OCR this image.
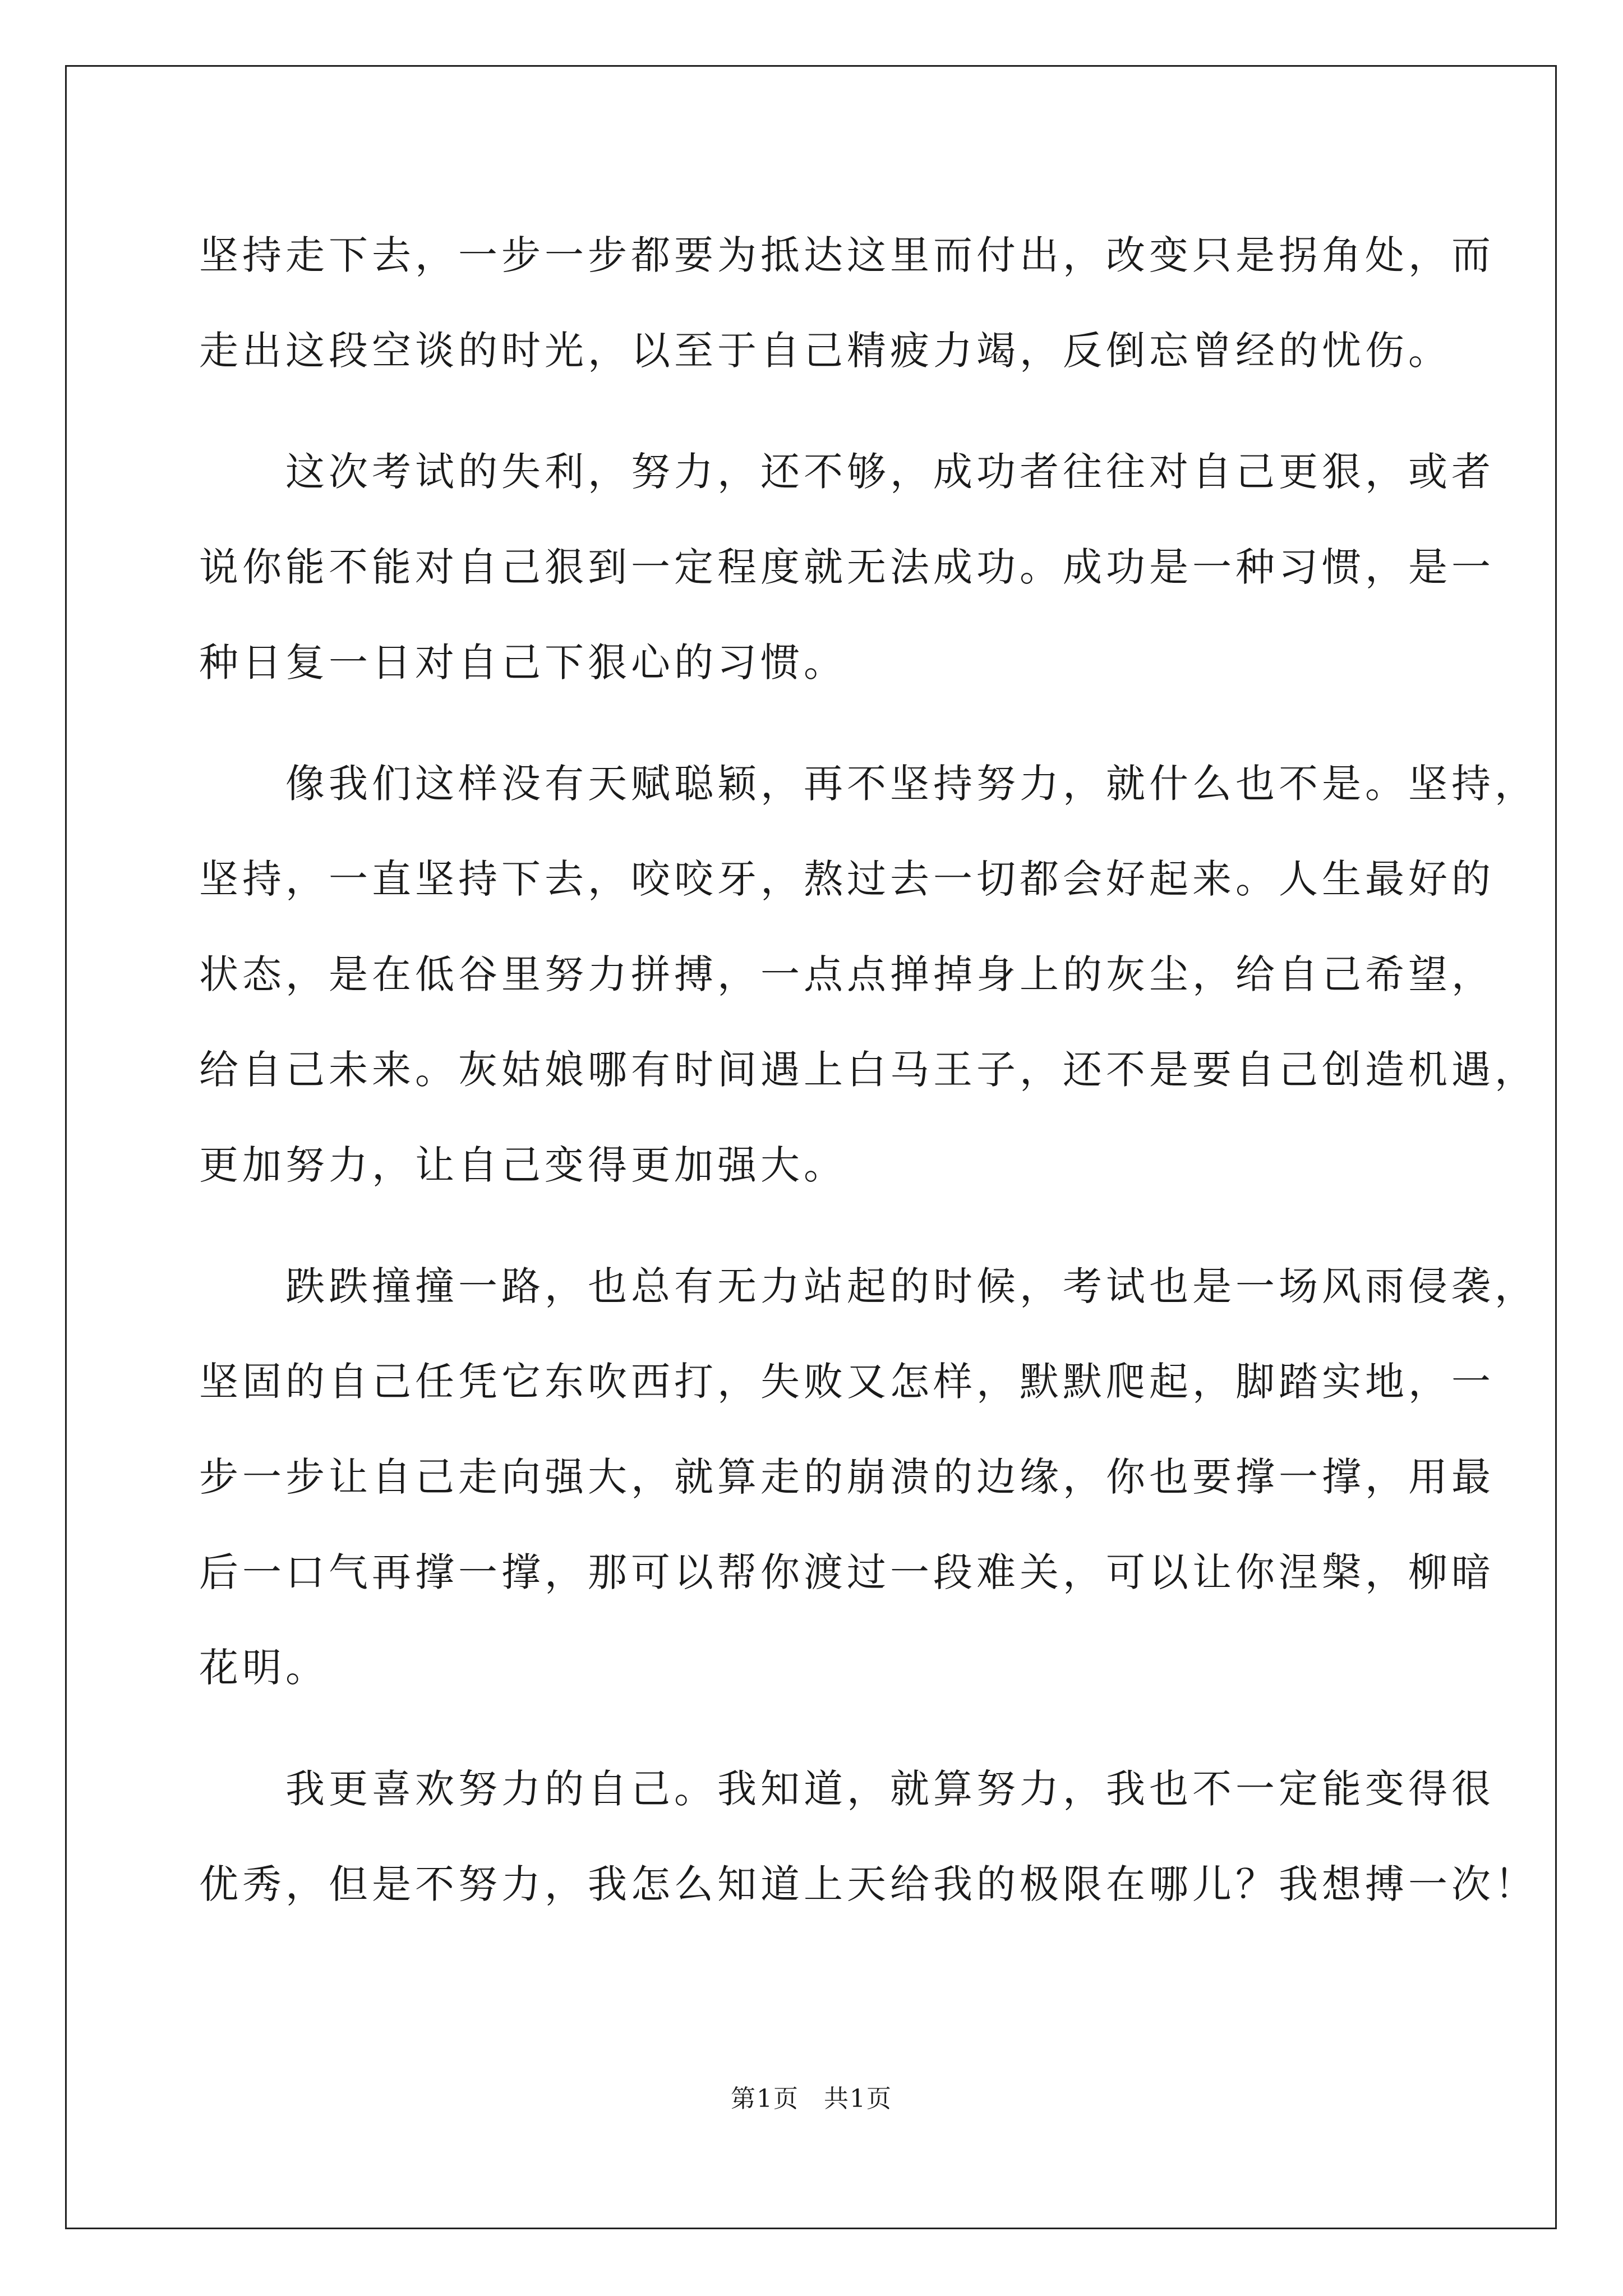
坚持走下去，一步一步都要为抵达这里而付出，改变只是拐角处，而
走出这段空谈的时光，以至于自己精疲力竭，反倒忘曾经的忧伤。
　　这次考试的失利，努力，还不够，成功者往往对自己更狠，或者
说你能不能对自己狠到一定程度就无法成功。成功是一种习惯，是一
种日复一日对自己下狠心的习惯。
　　像我们这样没有天赋聪颖，再不坚持努力，就什么也不是。坚持，
坚持，一直坚持下去，咬咬牙，熬过去一切都会好起来。人生最好的
状态，是在低谷里努力拼搏，一点点掸掉身上的灰尘，给自己希望，
给自己未来。灰姑娘哪有时间遇上白马王子，还不是要自己创造机遇，
更加努力，让自己变得更加强大。
　　跌跌撞撞一路，也总有无力站起的时候，考试也是一场风雨侵袭，
坚固的自己任凭它东吹西打，失败又怎样，默默爬起，脚踏实地，一
步一步让自己走向强大，就算走的崩溃的边缘，你也要撑一撑，用最
后一口气再撑一撑，那可以帮你渡过一段难关，可以让你涅槃，柳暗
花明。
　　我更喜欢努力的自己。我知道，就算努力，我也不一定能变得很
优秀，但是不努力，我怎么知道上天给我的极限在哪儿？我想搏一次！
第1页 共1页
